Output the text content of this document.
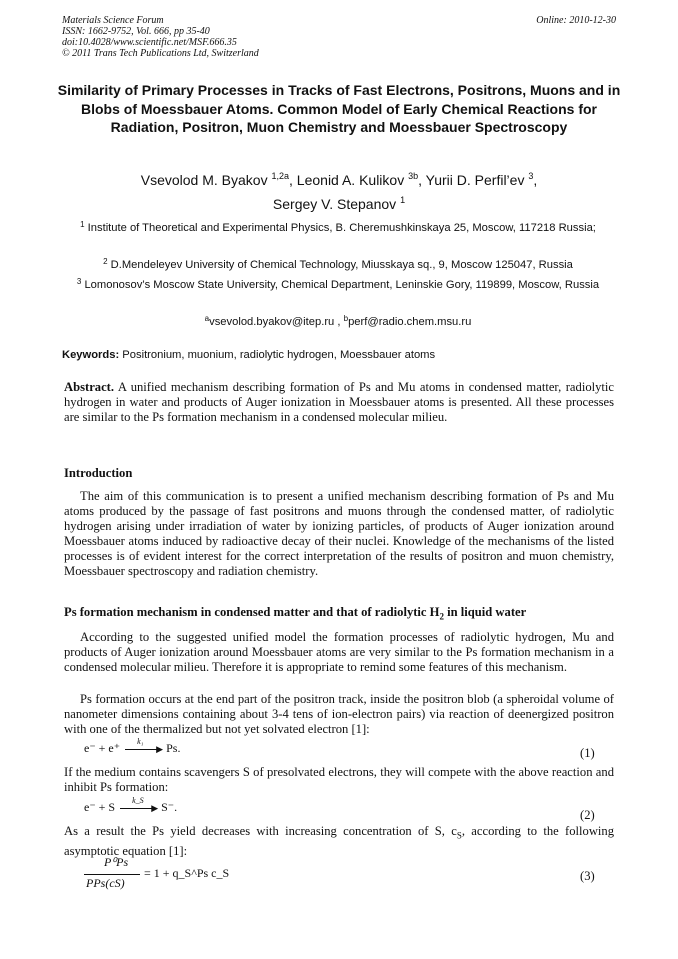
Materials Science Forum
ISSN: 1662-9752, Vol. 666, pp 35-40
doi:10.4028/www.scientific.net/MSF.666.35
© 2011 Trans Tech Publications Ltd, Switzerland
Online: 2010-12-30
Similarity of Primary Processes in Tracks of Fast Electrons, Positrons, Muons and in Blobs of Moessbauer Atoms. Common Model of Early Chemical Reactions for Radiation, Positron, Muon Chemistry and Moessbauer Spectroscopy
Vsevolod M. Byakov $^{1,2a}$, Leonid A. Kulikov $^{3b}$, Yurii D. Perfil’ev $^3$,
Sergey V. Stepanov $^1$
$^1$ Institute of Theoretical and Experimental Physics, B. Cheremushkinskaya 25, Moscow, 117218 Russia;
$^2$ D.Mendeleyev University of Chemical Technology, Miusskaya sq., 9, Moscow 125047, Russia
$^3$ Lomonosov’s Moscow State University, Chemical Department, Leninskie Gory, 119899, Moscow, Russia
$^a$vsevolod.byakov@itep.ru , $^b$perf@radio.chem.msu.ru
Keywords: Positronium, muonium, radiolytic hydrogen, Moessbauer atoms
Abstract. A unified mechanism describing formation of Ps and Mu atoms in condensed matter, radiolytic hydrogen in water and products of Auger ionization in Moessbauer atoms is presented. All these processes are similar to the Ps formation mechanism in a condensed molecular milieu.
Introduction
The aim of this communication is to present a unified mechanism describing formation of Ps and Mu atoms produced by the passage of fast positrons and muons through the condensed matter, of radiolytic hydrogen arising under irradiation of water by ionizing particles, of products of Auger ionization around Moessbauer atoms induced by radioactive decay of their nuclei. Knowledge of the mechanisms of the listed processes is of evident interest for the correct interpretation of the results of positron and muon chemistry, Moessbauer spectroscopy and radiation chemistry.
Ps formation mechanism in condensed matter and that of radiolytic $H_2$ in liquid water
According to the suggested unified model the formation processes of radiolytic hydrogen, Mu and products of Auger ionization around Moessbauer atoms are very similar to the Ps formation mechanism in a condensed molecular milieu. Therefore it is appropriate to remind some features of this mechanism.
Ps formation occurs at the end part of the positron track, inside the positron blob (a spheroidal volume of nanometer dimensions containing about 3-4 tens of ion-electron pairs) via reaction of deenergized positron with one of the thermalized but not yet solvated electron [1]:
e⁻ + e⁺ k₁
▶ Ps.	(1)
If the medium contains scavengers S of presolvated electrons, they will compete with the above reaction and inhibit Ps formation:
e⁻ + S k_S
▶ S⁻.
(2)
As a result the Ps yield decreases with increasing concentration of S, $c_S$, according to the following asymptotic equation [1]:
P⁰Ps
PPs(cS)
= 1 + q_S^Ps c_S	(3)
